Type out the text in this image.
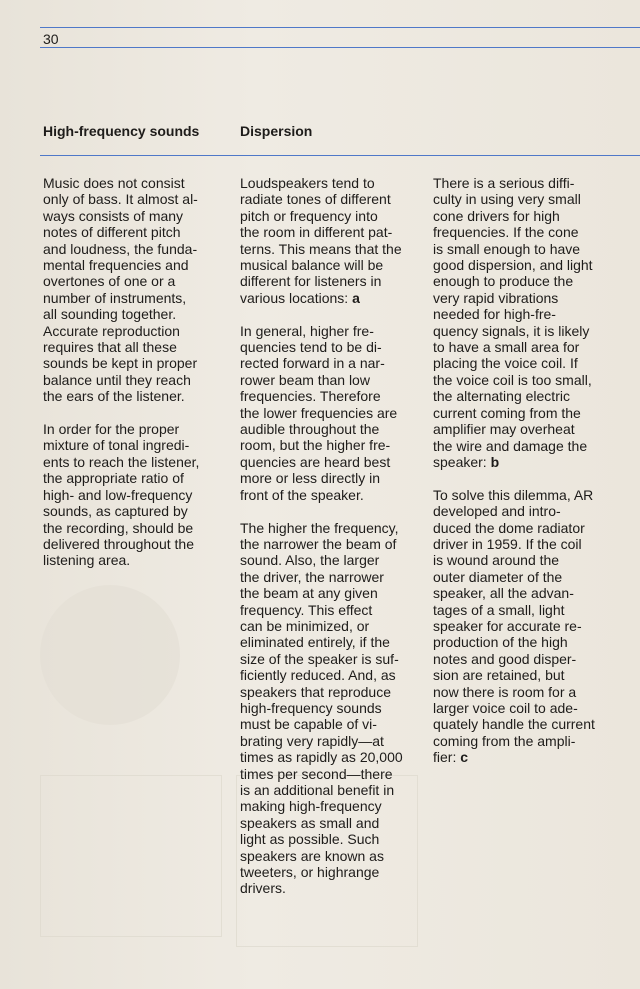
30
High-frequency sounds	Dispersion

Music does not consist
only of bass. It almost al-
ways consists of many
notes of different pitch
and loudness, the funda-
mental frequencies and
overtones of one or a
number of instruments,
all sounding together.
Accurate reproduction
requires that all these
sounds be kept in proper
balance until they reach
the ears of the listener.

In order for the proper
mixture of tonal ingredi-
ents to reach the listener,
the appropriate ratio of
high- and low-frequency
sounds, as captured by
the recording, should be
delivered throughout the
listening area.

Loudspeakers tend to
radiate tones of different
pitch or frequency into
the room in different pat-
terns. This means that the
musical balance will be
different for listeners in
various locations: a

In general, higher fre-
quencies tend to be di-
rected forward in a nar-
rower beam than low
frequencies. Therefore
the lower frequencies are
audible throughout the
room, but the higher fre-
quencies are heard best
more or less directly in
front of the speaker.

The higher the frequency,
the narrower the beam of
sound. Also, the larger
the driver, the narrower
the beam at any given
frequency. This effect
can be minimized, or
eliminated entirely, if the
size of the speaker is suf-
ficiently reduced. And, as
speakers that reproduce
high-frequency sounds
must be capable of vi-
brating very rapidly—at
times as rapidly as 20,000
times per second—there
is an additional benefit in
making high-frequency
speakers as small and
light as possible. Such
speakers are known as
tweeters, or highrange
drivers.

There is a serious diffi-
culty in using very small
cone drivers for high
frequencies. If the cone
is small enough to have
good dispersion, and light
enough to produce the
very rapid vibrations
needed for high-fre-
quency signals, it is likely
to have a small area for
placing the voice coil. If
the voice coil is too small,
the alternating electric
current coming from the
amplifier may overheat
the wire and damage the
speaker: b

To solve this dilemma, AR
developed and intro-
duced the dome radiator
driver in 1959. If the coil
is wound around the
outer diameter of the
speaker, all the advan-
tages of a small, light
speaker for accurate re-
production of the high
notes and good disper-
sion are retained, but
now there is room for a
larger voice coil to ade-
quately handle the current
coming from the ampli-
fier: c
